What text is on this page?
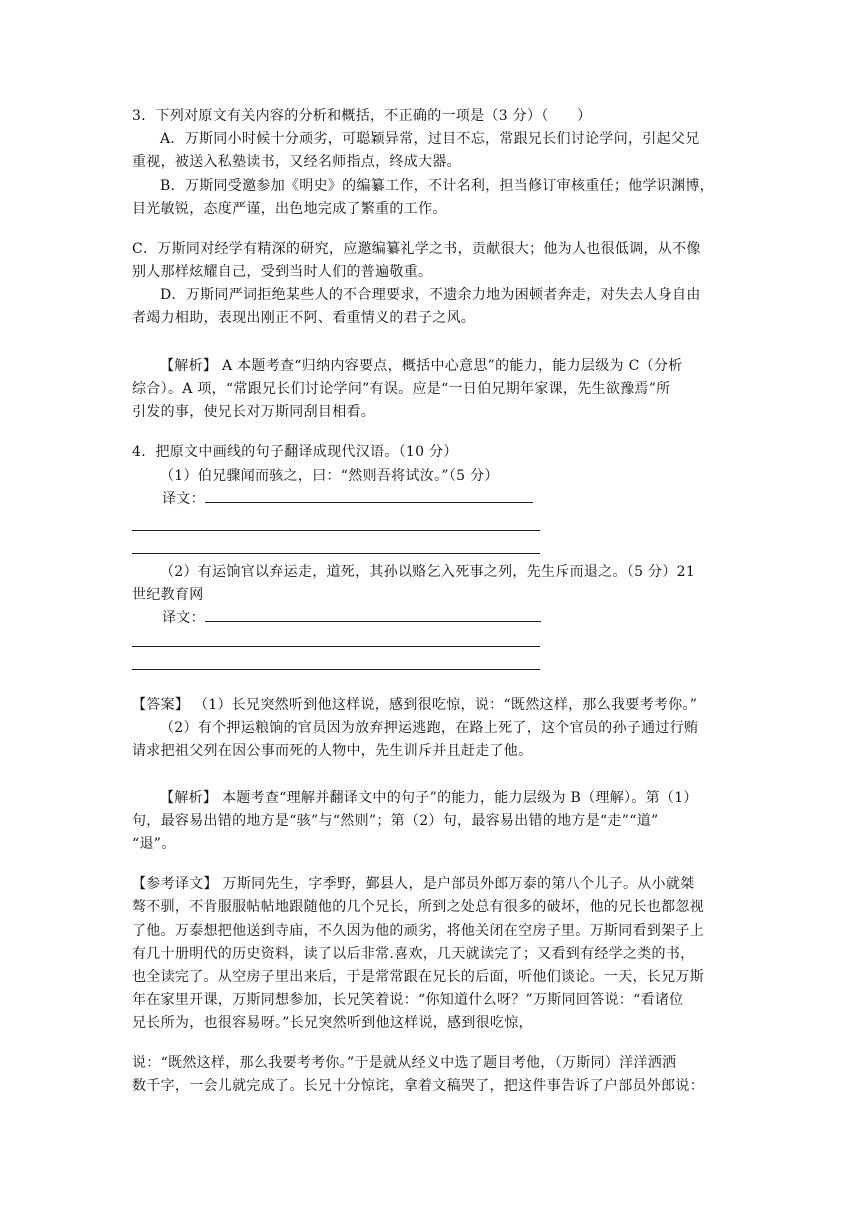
3．下列对原文有关内容的分析和概括，不正确的一项是（3 分）（　　）
A．万斯同小时候十分顽劣，可聪颖异常，过目不忘，常跟兄长们讨论学问，引起父兄
重视，被送入私塾读书，又经名师指点，终成大器。
B．万斯同受邀参加《明史》的编纂工作，不计名利，担当修订审核重任；他学识渊博，
目光敏锐，态度严谨，出色地完成了繁重的工作。
C．万斯同对经学有精深的研究，应邀编纂礼学之书，贡献很大；他为人也很低调，从不像
别人那样炫耀自己，受到当时人们的普遍敬重。
D．万斯同严词拒绝某些人的不合理要求，不遗余力地为困顿者奔走，对失去人身自由
者竭力相助，表现出刚正不阿、看重情义的君子之风。
【解析】 A 本题考查“归纳内容要点，概括中心意思”的能力，能力层级为 C（分析
综合）。A 项，“常跟兄长们讨论学问”有误。应是“一日伯兄期年家课，先生欲豫焉”所
引发的事，使兄长对万斯同刮目相看。
4．把原文中画线的句子翻译成现代汉语。（10 分）
（1）伯兄骤闻而骇之，曰：“然则吾将试汝。”（5 分）
译文：
（2）有运饷官以弃运走，道死，其孙以赂乞入死事之列，先生斥而退之。（5 分）21
世纪教育网
译文：
【答案】 （1）长兄突然听到他这样说，感到很吃惊，说：“既然这样，那么我要考考你。”
（2）有个押运粮饷的官员因为放弃押运逃跑，在路上死了，这个官员的孙子通过行贿
请求把祖父列在因公事而死的人物中，先生训斥并且赶走了他。
【解析】 本题考查“理解并翻译文中的句子”的能力，能力层级为 B（理解）。第（1）
句，最容易出错的地方是“骇”与“然则”；第（2）句，最容易出错的地方是“走”“道”
“退”。
【参考译文】 万斯同先生，字季野，鄞县人，是户部员外郎万泰的第八个儿子。从小就桀
骜不驯，不肯服服帖帖地跟随他的几个兄长，所到之处总有很多的破坏，他的兄长也都忽视
了他。万泰想把他送到寺庙，不久因为他的顽劣，将他关闭在空房子里。万斯同看到架子上
有几十册明代的历史资料，读了以后非常.喜欢，几天就读完了；又看到有经学之类的书，
也全读完了。从空房子里出来后，于是常常跟在兄长的后面，听他们谈论。一天，长兄万斯
年在家里开课，万斯同想参加，长兄笑着说：“你知道什么呀？”万斯同回答说：“看诸位
兄长所为，也很容易呀。”长兄突然听到他这样说，感到很吃惊，
说：“既然这样，那么我要考考你。”于是就从经义中选了题目考他，（万斯同）洋洋洒洒
数千字，一会儿就完成了。长兄十分惊诧，拿着文稿哭了，把这件事告诉了户部员外郎说：
